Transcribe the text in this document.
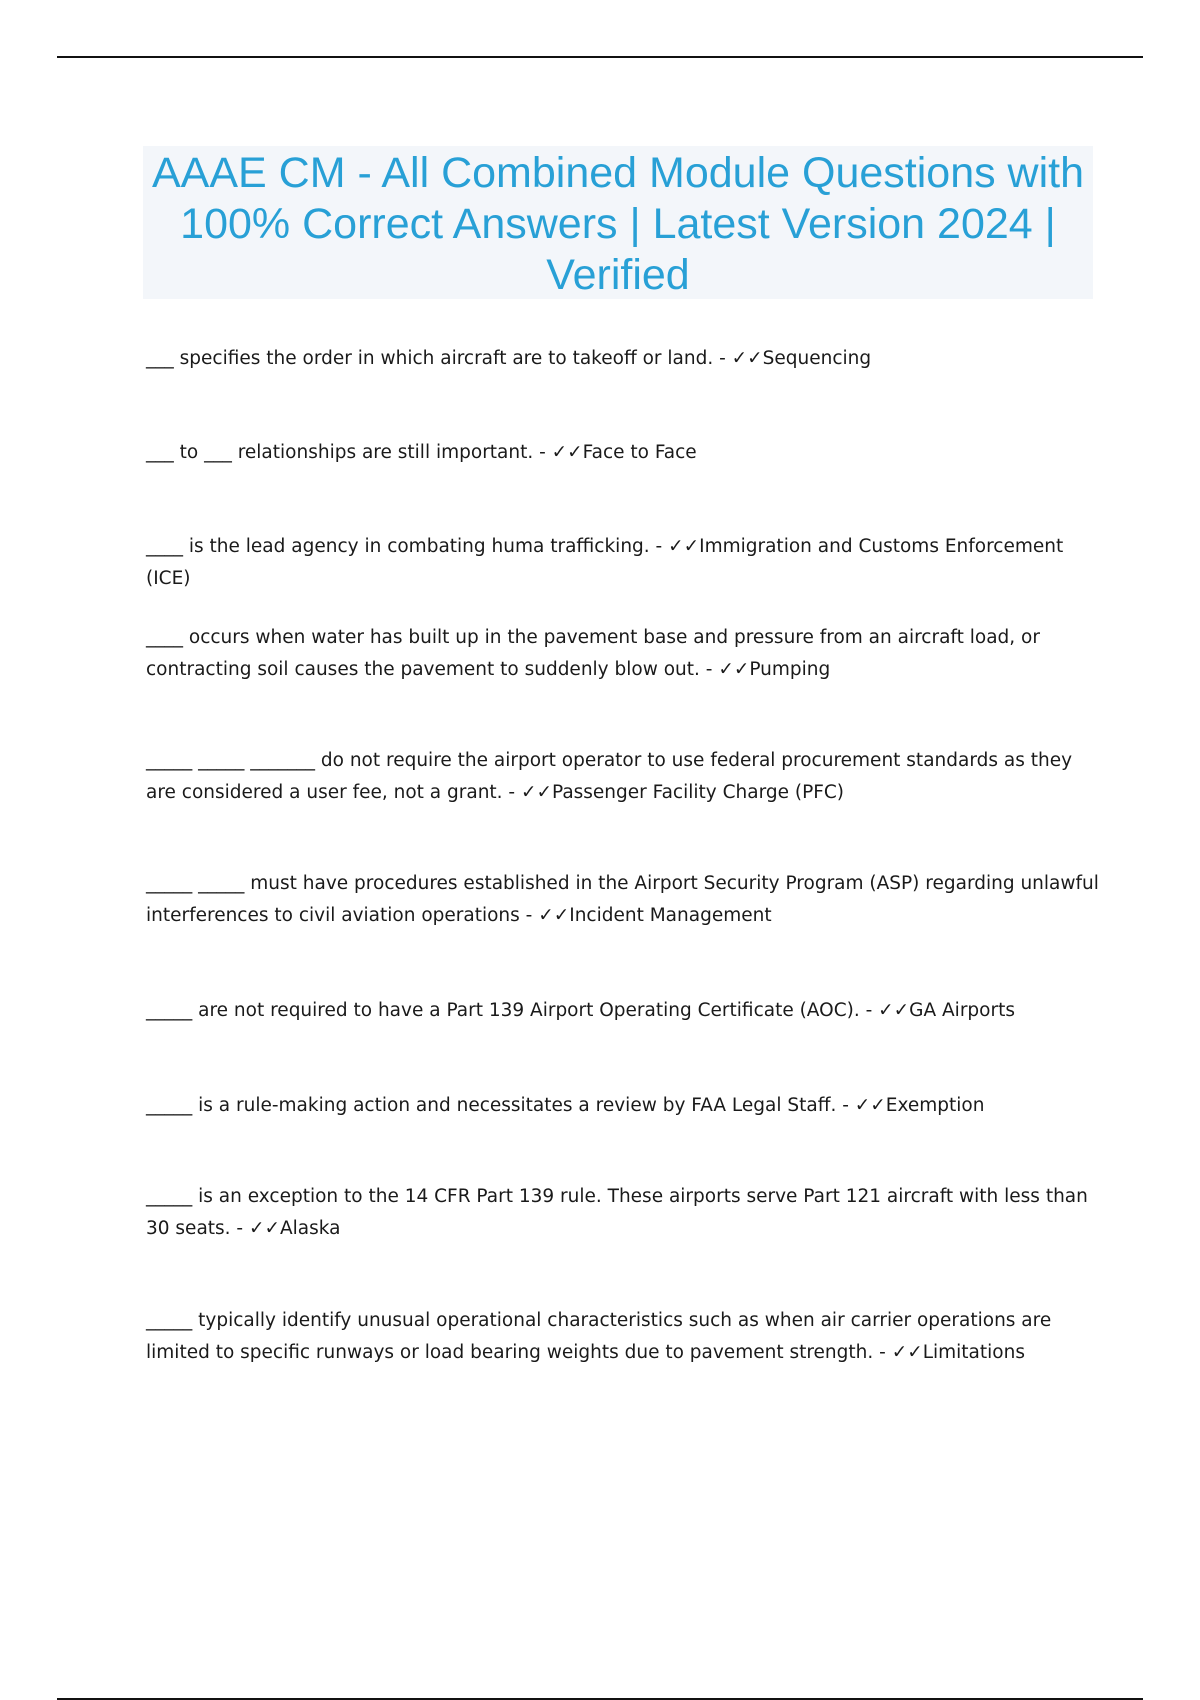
AAAE CM - All Combined Module Questions with 100% Correct Answers | Latest Version 2024 | Verified

___ specifies the order in which aircraft are to takeoff or land. - ✓✓Sequencing

___ to ___ relationships are still important. - ✓✓Face to Face

____ is the lead agency in combating huma trafficking. - ✓✓Immigration and Customs Enforcement (ICE)

____ occurs when water has built up in the pavement base and pressure from an aircraft load, or contracting soil causes the pavement to suddenly blow out. - ✓✓Pumping

_____ _____ _______ do not require the airport operator to use federal procurement standards as they are considered a user fee, not a grant. - ✓✓Passenger Facility Charge (PFC)

_____ _____ must have procedures established in the Airport Security Program (ASP) regarding unlawful interferences to civil aviation operations - ✓✓Incident Management

_____ are not required to have a Part 139 Airport Operating Certificate (AOC). - ✓✓GA Airports

_____ is a rule-making action and necessitates a review by FAA Legal Staff. - ✓✓Exemption

_____ is an exception to the 14 CFR Part 139 rule. These airports serve Part 121 aircraft with less than 30 seats. - ✓✓Alaska

_____ typically identify unusual operational characteristics such as when air carrier operations are limited to specific runways or load bearing weights due to pavement strength. - ✓✓Limitations
